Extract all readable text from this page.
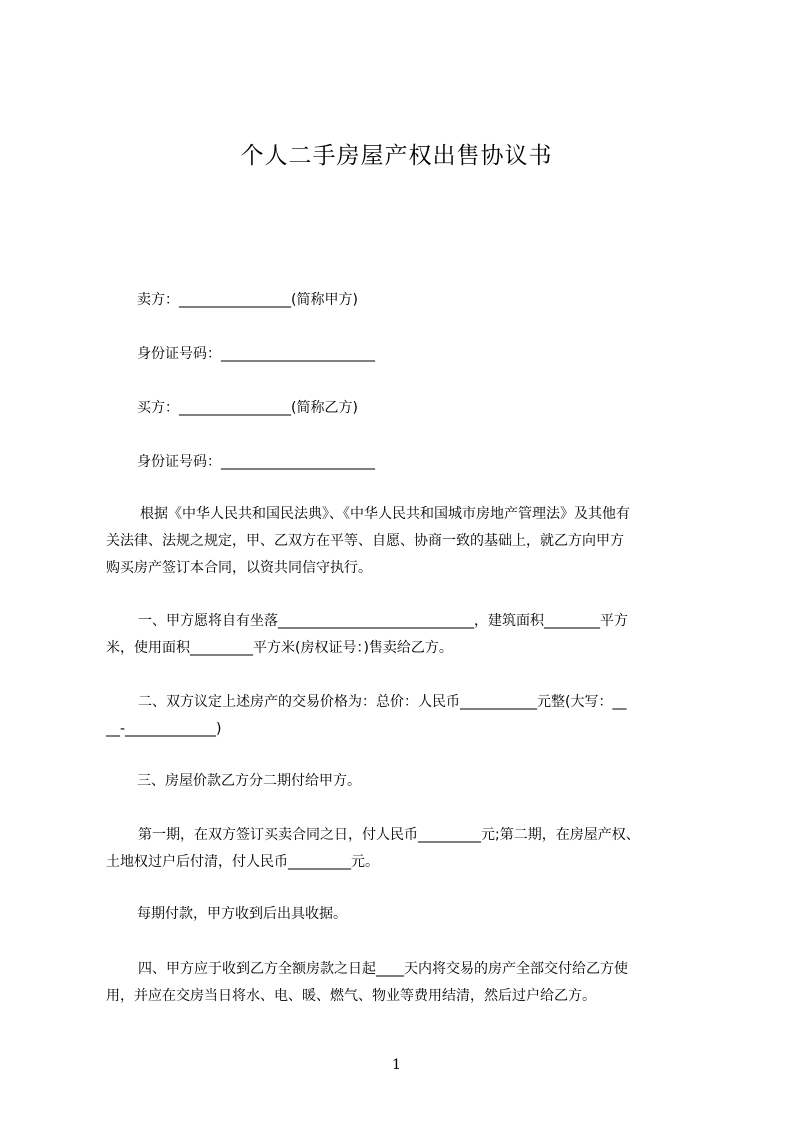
个人二手房屋产权出售协议书

卖方：________________(简称甲方)

身份证号码：______________________

买方：________________(简称乙方)

身份证号码：______________________

根据《中华人民共和国民法典》、《中华人民共和国城市房地产管理法》及其他有

关法律、法规之规定，甲、乙双方在平等、自愿、协商一致的基础上，就乙方向甲方

购买房产签订本合同，以资共同信守执行。

一、甲方愿将自有坐落____________________________，建筑面积________平方

米，使用面积_________平方米(房权证号：)售卖给乙方。

二、双方议定上述房产的交易价格为：总价：人民币___________元整(大写：__

__-_____________)

三、房屋价款乙方分二期付给甲方。

第一期，在双方签订买卖合同之日，付人民币_________元;第二期，在房屋产权、

土地权过户后付清，付人民币_________元。

每期付款，甲方收到后出具收据。

四、甲方应于收到乙方全额房款之日起____天内将交易的房产全部交付给乙方使

用，并应在交房当日将水、电、暖、燃气、物业等费用结清，然后过户给乙方。

1
